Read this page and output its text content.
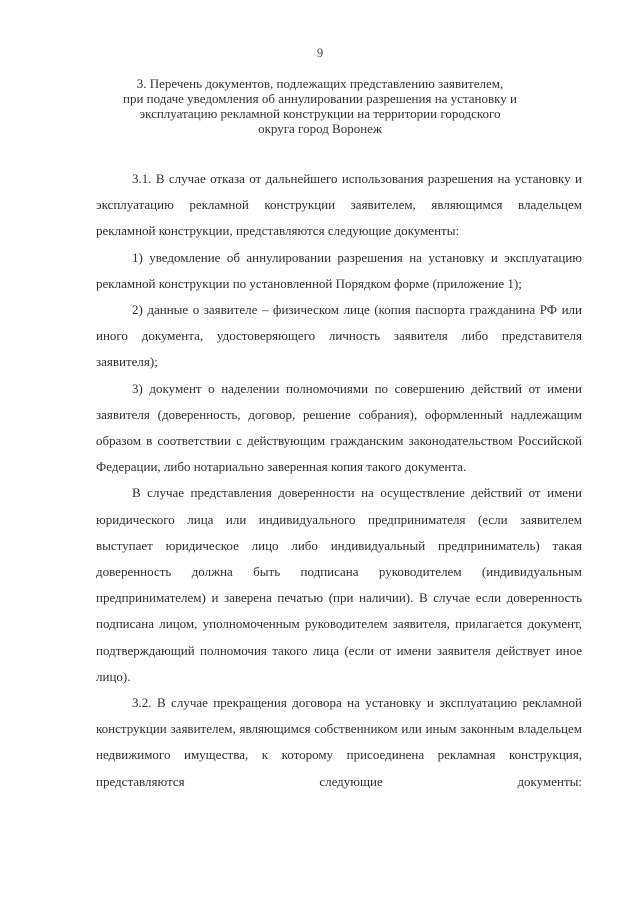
9
3. Перечень документов, подлежащих представлению заявителем,
при подаче уведомления об аннулировании разрешения на установку и
эксплуатацию рекламной конструкции на территории городского
округа город Воронеж

3.1. В случае отказа от дальнейшего использования разрешения на установку и эксплуатацию рекламной конструкции заявителем, являющимся владельцем рекламной конструкции, представляются следующие документы:

1) уведомление об аннулировании разрешения на установку и эксплуатацию рекламной конструкции по установленной Порядком форме (приложение 1);

2) данные о заявителе – физическом лице (копия паспорта гражданина РФ или иного документа, удостоверяющего личность заявителя либо представителя заявителя);

3) документ о наделении полномочиями по совершению действий от имени заявителя (доверенность, договор, решение собрания), оформленный надлежащим образом в соответствии с действующим гражданским законодательством Российской Федерации, либо нотариально заверенная копия такого документа.

В случае представления доверенности на осуществление действий от имени юридического лица или индивидуального предпринимателя (если заявителем выступает юридическое лицо либо индивидуальный предприниматель) такая доверенность должна быть подписана руководителем (индивидуальным предпринимателем) и заверена печатью (при наличии). В случае если доверенность подписана лицом, уполномоченным руководителем заявителя, прилагается документ, подтверждающий полномочия такого лица (если от имени заявителя действует иное лицо).

3.2. В случае прекращения договора на установку и эксплуатацию рекламной конструкции заявителем, являющимся собственником или иным законным владельцем недвижимого имущества, к которому присоединена рекламная конструкция, представляются следующие документы:
